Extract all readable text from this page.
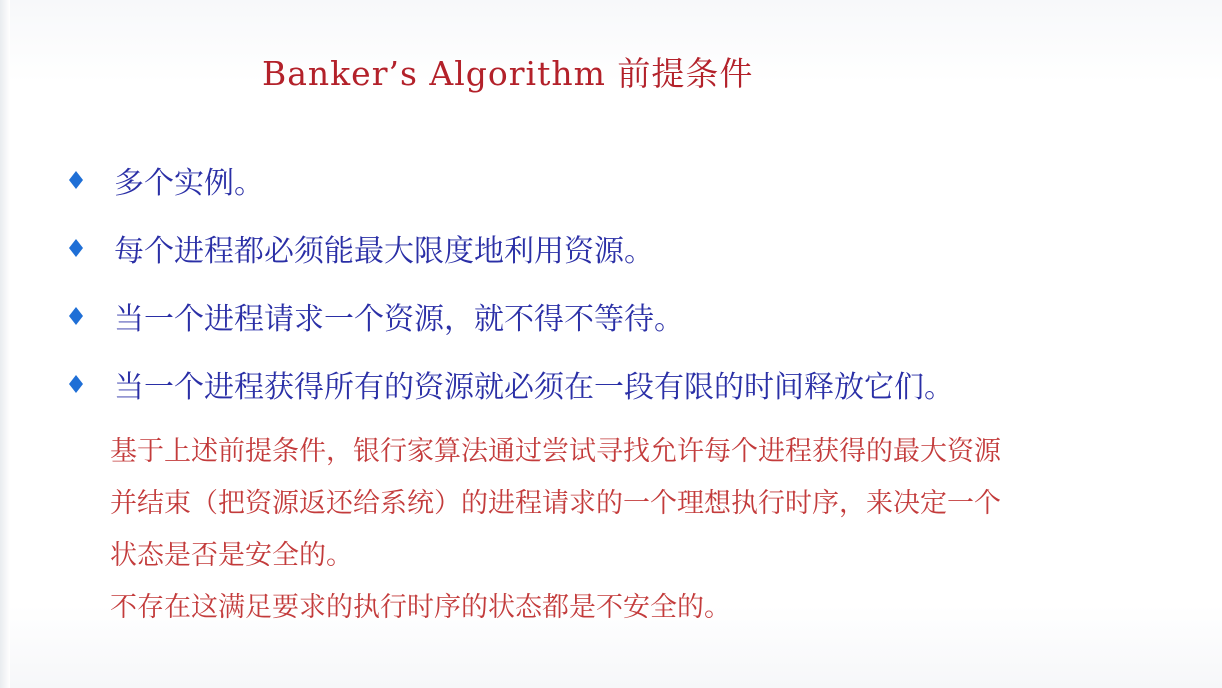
Banker’s Algorithm 前提条件
多个实例。
每个进程都必须能最大限度地利用资源。
当一个进程请求一个资源，就不得不等待。
当一个进程获得所有的资源就必须在一段有限的时间释放它们。

基于上述前提条件，银行家算法通过尝试寻找允许每个进程获得的最大资源

并结束（把资源返还给系统）的进程请求的一个理想执行时序，来决定一个

状态是否是安全的。

不存在这满足要求的执行时序的状态都是不安全的。
